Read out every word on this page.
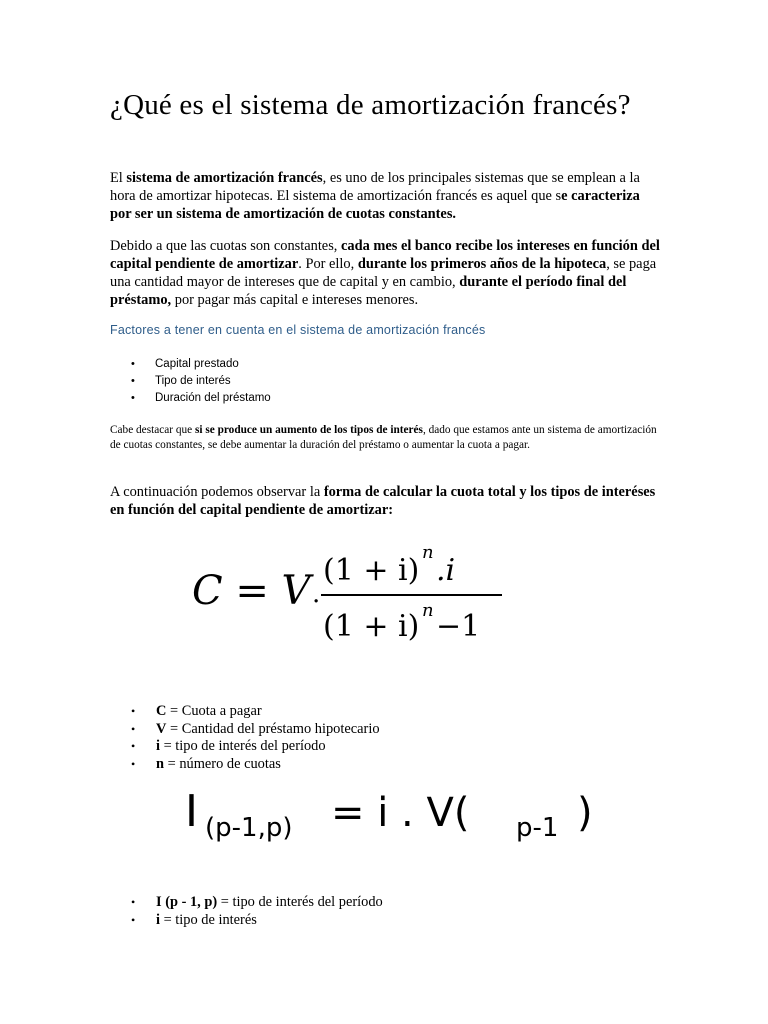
¿Qué es el sistema de amortización francés?

El sistema de amortización francés, es uno de los principales sistemas que se emplean a la hora de amortizar hipotecas. El sistema de amortización francés es aquel que se caracteriza por ser un sistema de amortización de cuotas constantes.

Debido a que las cuotas son constantes, cada mes el banco recibe los intereses en función del capital pendiente de amortizar. Por ello, durante los primeros años de la hipoteca, se paga una cantidad mayor de intereses que de capital y en cambio, durante el período final del préstamo, por pagar más capital e intereses menores.

Factores a tener en cuenta en el sistema de amortización francés

• Capital prestado
• Tipo de interés
• Duración del préstamo

Cabe destacar que si se produce un aumento de los tipos de interés, dado que estamos ante un sistema de amortización de cuotas constantes, se debe aumentar la duración del préstamo o aumentar la cuota a pagar.

A continuación podemos observar la forma de calcular la cuota total y los tipos de interéses en función del capital pendiente de amortizar:

C = V .
(1 + i)
n
.i
(1 + i) n −1
• C = Cuota a pagar
• V = Cantidad del préstamo hipotecario
• i = tipo de interés del período
• n = número de cuotas
I (p-1,p) = i . V( p-1 )
• I (p - 1, p) = tipo de interés del período
• i = tipo de interés
